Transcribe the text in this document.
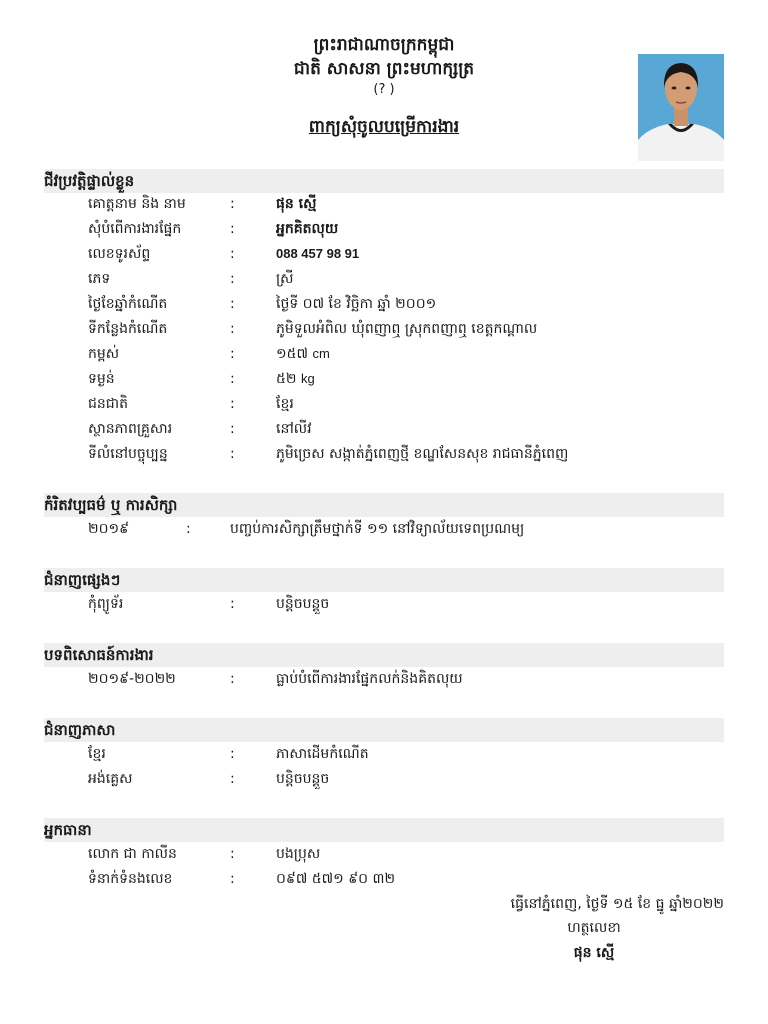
ព្រះរាជាណាចក្រកម្ពុជា
ជាតិ សាសនា ព្រះមហាក្សត្រ
(? )
ពាក្យសុំចូលបម្រើការងារ
ជីវប្រវត្តិផ្ទាល់ខ្លួន
គោត្តនាម និង នាម	:	ផុន ស្មើ
សុំបំពើការងារផ្នែក	:	អ្នកគិតលុយ
លេខទូរស័ព្ទ	:	088 457 98 91
ភេទ	:	ស្រី
ថ្ងៃខែឆ្នាំកំណើត	:	ថ្ងៃទី ០៧ ខែ វិច្ឆិកា ឆ្នាំ ២០០១
ទីកន្លែងកំណើត	:	ភូមិទួលអំពិល ឃុំពញាឮ ស្រុកពញាឮ ខេត្តកណ្តាល
កម្ពស់	:	១៥៧ cm
ទម្ងន់	:	៥២ kg
ជនជាតិ	:	ខ្មែរ
ស្ថានភាពគ្រួសារ	:	នៅលីវ
ទីលំនៅបច្ចុប្បន្ន	:	ភូមិច្រេស សង្កាត់ភ្នំពេញថ្មី ខណ្ឌសែនសុខ រាជធានីភ្នំពេញ
កំរិតវប្បធម៌ ឬ ការសិក្សា
២០១៩	:	បញ្ចប់ការសិក្សាត្រឹមថ្នាក់ទី ១១ នៅវិទ្យាល័យទេពប្រណម្យ
ជំនាញផ្សេងៗ
កុំព្យូទ័រ	:	បន្តិចបន្តួច
បទពិសោធន៍ការងារ
២០១៩-២០២២	:	ធ្លាប់បំពើការងារផ្នែកលក់និងគិតលុយ
ជំនាញភាសា
ខ្មែរ	:	ភាសាដើមកំណើត
អង់គ្លេស	:	បន្តិចបន្តួច
អ្នកធានា
លោក ជា កាលីន	:	បងប្រុស
ទំនាក់ទំនងលេខ	:	០៩៧ ៥៧១ ៩០ ៣២
ធ្វើនៅភ្នំពេញ, ថ្ងៃទី ១៥ ខែ ធ្នូ ឆ្នាំ២០២២
ហត្ថលេខា
ផុន ស្មើ
